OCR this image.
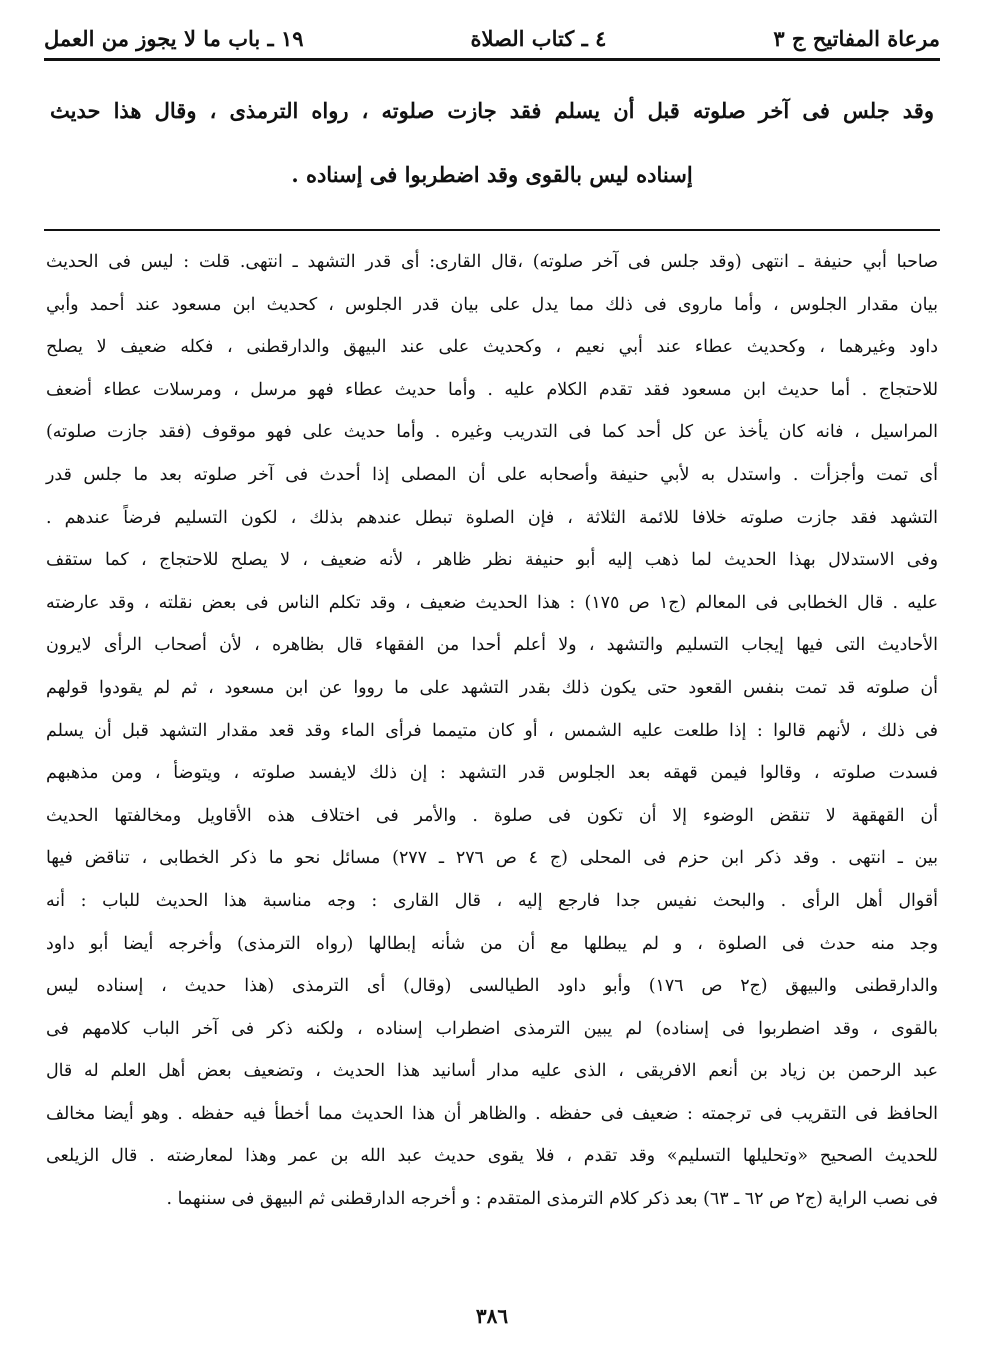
مرعاة المفاتيح ج ٣
٤ ـ كتاب الصلاة
١٩ ـ باب ما لا يجوز من العمل
وقد جلس فى آخر صلوته قبل أن يسلم فقد جازت صلوته ، رواه الترمذى ، وقال هذا حديث
إسناده ليس بالقوى وقد اضطربوا فى إسناده .
صاحبا أبي حنيفة ـ انتهى (وقد جلس فى آخر صلوته) ،قال القارى: أى قدر التشهد ـ انتهى. قلت : ليس فى الحديث
بيان مقدار الجلوس ، وأما ماروى فى ذلك مما يدل على بيان قدر الجلوس ، كحديث ابن مسعود عند أحمد وأبي
داود وغيرهما ، وكحديث عطاء عند أبي نعيم ، وكحديث على عند البيهق والدارقطنى ، فكله ضعيف لا يصلح
للاحتجاج . أما حديث ابن مسعود فقد تقدم الكلام عليه . وأما حديث عطاء فهو مرسل ، ومرسلات عطاء أضعف
المراسيل ، فانه كان يأخذ عن كل أحد كما فى التدريب وغيره . وأما حديث على فهو موقوف (فقد جازت صلوته)
أى تمت وأجزأت . واستدل به لأبي حنيفة وأصحابه على أن المصلى إذا أحدث فى آخر صلوته بعد ما جلس قدر
التشهد فقد جازت صلوته خلافا للائمة الثلاثة ، فإن الصلوة تبطل عندهم بذلك ، لكون التسليم فرضاً عندهم .
وفى الاستدلال بهذا الحديث لما ذهب إليه أبو حنيفة نظر ظاهر ، لأنه ضعيف ، لا يصلح للاحتجاج ، كما ستقف
عليه . قال الخطابى فى المعالم (ج١ ص ١٧٥) : هذا الحديث ضعيف ، وقد تكلم الناس فى بعض نقلته ، وقد عارضته
الأحاديث التى فيها إيجاب التسليم والتشهد ، ولا أعلم أحدا من الفقهاء قال بظاهره ، لأن أصحاب الرأى لايرون
أن صلوته قد تمت بنفس القعود حتى يكون ذلك بقدر التشهد على ما رووا عن ابن مسعود ، ثم لم يقودوا قولهم
فى ذلك ، لأنهم قالوا : إذا طلعت عليه الشمس ، أو كان متيمما فرأى الماء وقد قعد مقدار التشهد قبل أن يسلم
فسدت صلوته ، وقالوا فيمن قهقه بعد الجلوس قدر التشهد : إن ذلك لايفسد صلوته ، ويتوضأ ، ومن مذهبهم
أن القهقهة لا تنقض الوضوء إلا أن تكون فى صلوة . والأمر فى اختلاف هذه الأقاويل ومخالفتها الحديث
بين ـ انتهى . وقد ذكر ابن حزم فى المحلى (ج ٤ ص ٢٧٦ ـ ٢٧٧) مسائل نحو ما ذكر الخطابى ، تناقض فيها
أقوال أهل الرأى . والبحث نفيس جدا فارجع إليه ، قال القارى : وجه مناسبة هذا الحديث للباب : أنه
وجد منه حدث فى الصلوة ، و لم يبطلها مع أن من شأنه إبطالها (رواه الترمذى) وأخرجه أيضا أبو داود
والدارقطنى والبيهق (ج٢ ص ١٧٦) وأبو داود الطيالسى (وقال) أى الترمذى (هذا حديث ، إسناده ليس
بالقوى ، وقد اضطربوا فى إسناده) لم يبين الترمذى اضطراب إسناده ، ولكنه ذكر فى آخر الباب كلامهم فى
عبد الرحمن بن زياد بن أنعم الافريقى ، الذى عليه مدار أسانيد هذا الحديث ، وتضعيف بعض أهل العلم له قال
الحافظ فى التقريب فى ترجمته : ضعيف فى حفظه . والظاهر أن هذا الحديث مما أخطأ فيه حفظه . وهو أيضا مخالف
للحديث الصحيح «وتحليلها التسليم» وقد تقدم ، فلا يقوى حديث عبد الله بن عمر وهذا لمعارضته . قال الزيلعى
فى نصب الراية (ج٢ ص ٦٢ ـ ٦٣) بعد ذكر كلام الترمذى المتقدم : و أخرجه الدارقطنى ثم البيهق فى سننهما .
٣٨٦
